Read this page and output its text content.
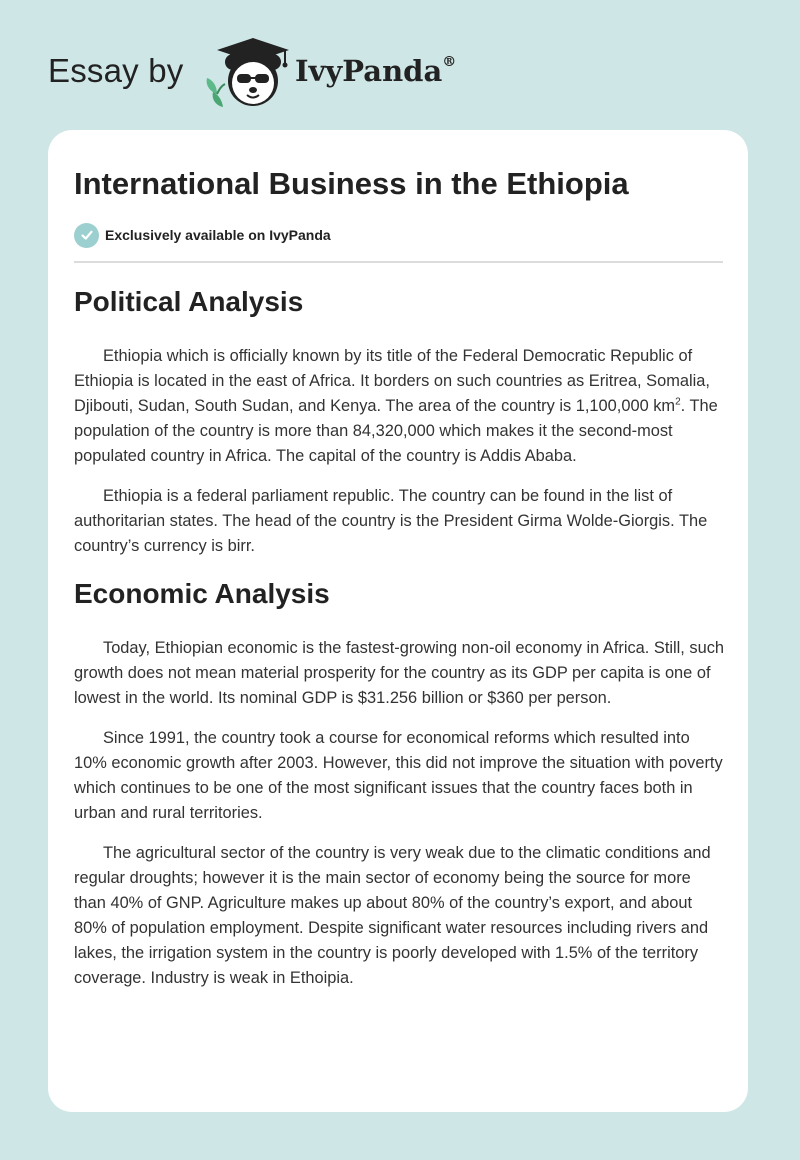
Essay by	IvyPanda®
International Business in the Ethiopia
Exclusively available on IvyPanda
Political Analysis

Ethiopia which is officially known by its title of the Federal Democratic Republic of Ethiopia is located in the east of Africa. It borders on such countries as Eritrea, Somalia, Djibouti, Sudan, South Sudan, and Kenya. The area of the country is 1,100,000 $km^2$. The population of the country is more than 84,320,000 which makes it the second-most populated country in Africa. The capital of the country is Addis Ababa.

Ethiopia is a federal parliament republic. The country can be found in the list of authoritarian states. The head of the country is the President Girma Wolde-Giorgis. The country’s currency is birr.

Economic Analysis

Today, Ethiopian economic is the fastest-growing non-oil economy in Africa. Still, such growth does not mean material prosperity for the country as its GDP per capita is one of lowest in the world. Its nominal GDP is $31.256 billion or $360 per person.

Since 1991, the country took a course for economical reforms which resulted into 10% economic growth after 2003. However, this did not improve the situation with poverty which continues to be one of the most significant issues that the country faces both in urban and rural territories.

The agricultural sector of the country is very weak due to the climatic conditions and regular droughts; however it is the main sector of economy being the source for more than 40% of GNP. Agriculture makes up about 80% of the country’s export, and about 80% of population employment. Despite significant water resources including rivers and lakes, the irrigation system in the country is poorly developed with 1.5% of the territory coverage. Industry is weak in Ethoipia.
